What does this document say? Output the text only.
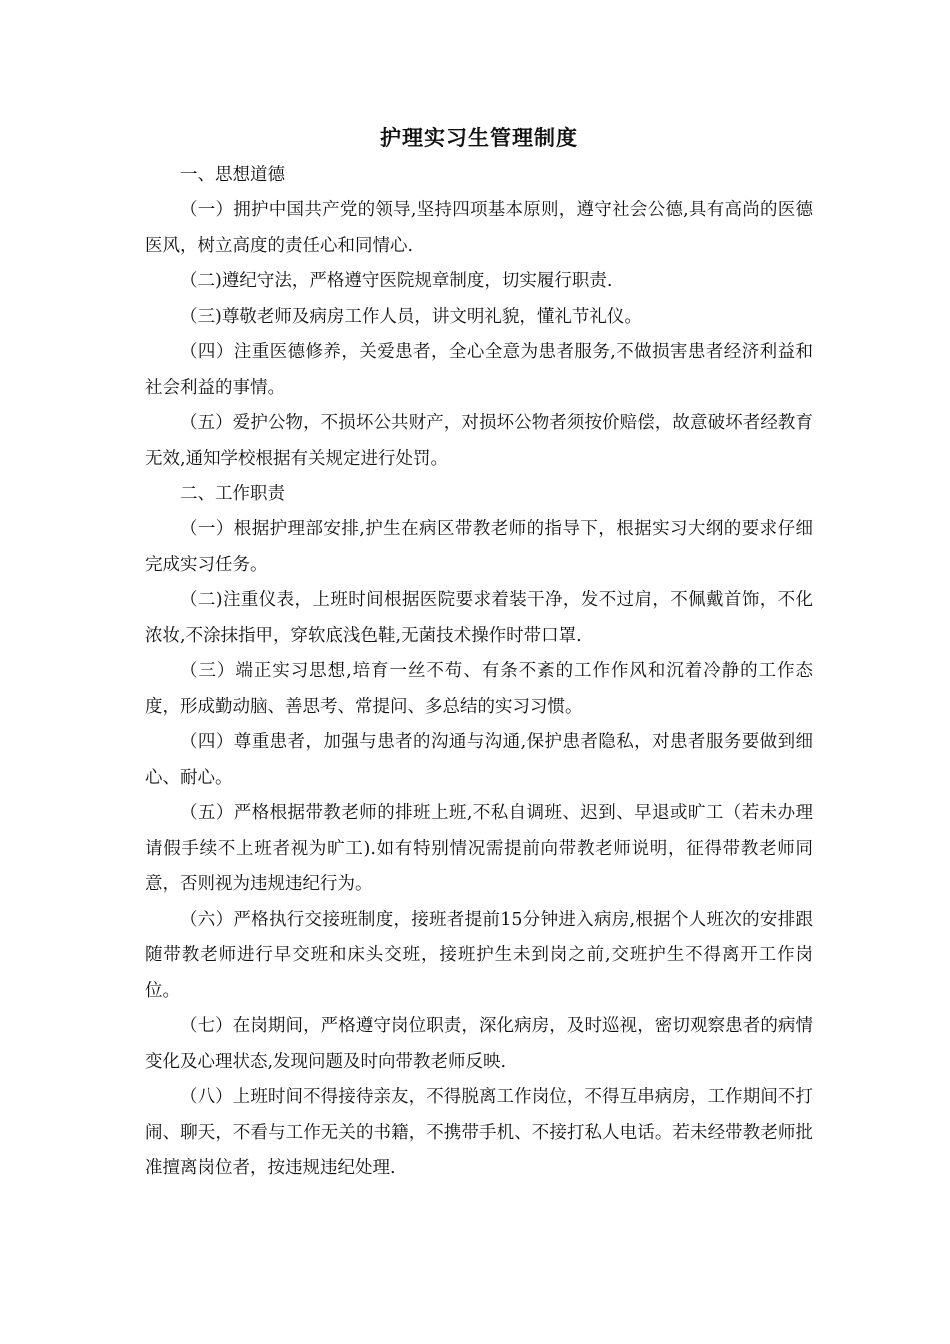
护理实习生管理制度

一、思想道德

（一）拥护中国共产党的领导,坚持四项基本原则，遵守社会公德,具有高尚的医德医风，树立高度的责任心和同情心.

（二)遵纪守法，严格遵守医院规章制度，切实履行职责.

（三)尊敬老师及病房工作人员，讲文明礼貌，懂礼节礼仪。

（四）注重医德修养，关爱患者，全心全意为患者服务,不做损害患者经济利益和社会利益的事情。

（五）爱护公物，不损坏公共财产，对损坏公物者须按价赔偿，故意破坏者经教育无效,通知学校根据有关规定进行处罚。

二、工作职责

（一）根据护理部安排,护生在病区带教老师的指导下，根据实习大纲的要求仔细完成实习任务。

（二)注重仪表，上班时间根据医院要求着装干净，发不过肩，不佩戴首饰，不化浓妆,不涂抹指甲，穿软底浅色鞋,无菌技术操作时带口罩.

（三）端正实习思想,培育一丝不苟、有条不紊的工作作风和沉着冷静的工作态度，形成勤动脑、善思考、常提问、多总结的实习习惯。

（四）尊重患者，加强与患者的沟通与沟通,保护患者隐私，对患者服务要做到细心、耐心。

（五）严格根据带教老师的排班上班,不私自调班、迟到、早退或旷工（若未办理请假手续不上班者视为旷工).如有特别情况需提前向带教老师说明，征得带教老师同意，否则视为违规违纪行为。

（六）严格执行交接班制度，接班者提前15分钟进入病房,根据个人班次的安排跟随带教老师进行早交班和床头交班，接班护生未到岗之前,交班护生不得离开工作岗位。

（七）在岗期间，严格遵守岗位职责，深化病房，及时巡视，密切观察患者的病情变化及心理状态,发现问题及时向带教老师反映.

（八）上班时间不得接待亲友，不得脱离工作岗位，不得互串病房，工作期间不打闹、聊天，不看与工作无关的书籍，不携带手机、不接打私人电话。若未经带教老师批准擅离岗位者，按违规违纪处理.
